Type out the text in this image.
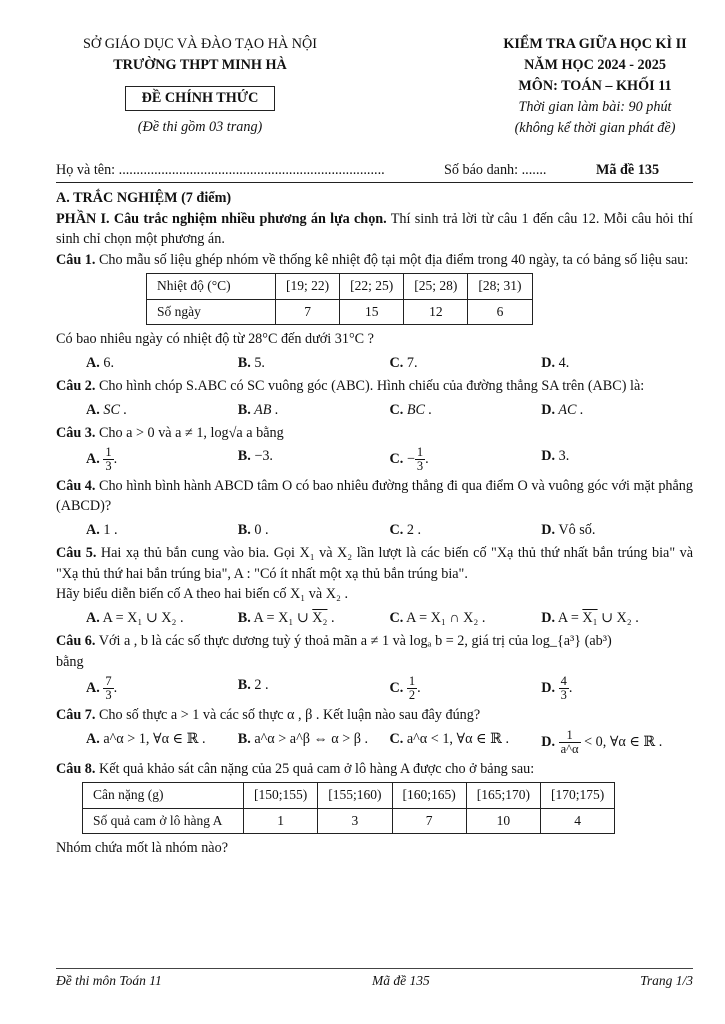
SỞ GIÁO DỤC VÀ ĐÀO TẠO HÀ NỘI
TRƯỜNG THPT MINH HÀ
ĐỀ CHÍNH THỨC
(Đề thi gồm 03 trang)
KIỂM TRA GIỮA HỌC KÌ II
NĂM HỌC 2024 - 2025
MÔN: TOÁN – KHỐI 11
Thời gian làm bài: 90 phút
(không kể thời gian phát đề)
Họ và tên: ...........................................................................	Số báo danh: .......	Mã đề 135

A. TRẮC NGHIỆM (7 điểm)

PHẦN I. Câu trắc nghiệm nhiều phương án lựa chọn. Thí sinh trả lời từ câu 1 đến câu 12. Mỗi câu hỏi thí sinh chỉ chọn một phương án.

Câu 1. Cho mẫu số liệu ghép nhóm về thống kê nhiệt độ tại một địa điểm trong 40 ngày, ta có bảng số liệu sau:

Nhiệt độ (°C)	[19; 22)	[22; 25)	[25; 28)	[28; 31)
Số ngày	7	15	12	6

Có bao nhiêu ngày có nhiệt độ từ 28°C đến dưới 31°C ?

A. 6.	B. 5.	C. 7.	D. 4.

Câu 2. Cho hình chóp S.ABC có SC vuông góc (ABC). Hình chiếu của đường thẳng SA trên (ABC) là:

A. SC .	B. AB .	C. BC .	D. AC .

Câu 3. Cho a > 0 và a ≠ 1, log√a a bằng

A. $\frac{1}{3}$ .	B. −3.	C. − $\frac{1}{3}$ .	D. 3.

Câu 4. Cho hình bình hành ABCD tâm O có bao nhiêu đường thẳng đi qua điểm O và vuông góc với mặt phẳng (ABCD)?

A. 1 .	B. 0 .	C. 2 .	D. Vô số.

Câu 5. Hai xạ thủ bắn cung vào bia. Gọi X₁ và X₂ lần lượt là các biến cố "Xạ thủ thứ nhất bắn trúng bia" và "Xạ thủ thứ hai bắn trúng bia", A : "Có ít nhất một xạ thủ bắn trúng bia".

Hãy biểu diễn biến cố A theo hai biến cố X₁ và X₂ .

A. A = X₁ ∪ X₂ .	B. A = X₁ ∪ X₂ .	C. A = X₁ ∩ X₂ .	D. A = X₁ ∪ X₂ .

Câu 6. Với a , b là các số thực dương tuỳ ý thoả mãn a ≠ 1 và logₐ b = 2, giá trị của log_{a³} (ab³)

bằng

A. $\frac{7}{3}$ .	B. 2 .	C. $\frac{1}{2}$ .	D. $\frac{4}{3}$ .

Câu 7. Cho số thực a > 1 và các số thực α , β . Kết luận nào sau đây đúng?

A. a^α > 1, ∀α ∈ ℝ .	B. a^α > a^β ⇔ α > β .	C. a^α < 1, ∀α ∈ ℝ .	D. $\frac{1}{a\^{}\alpha} < 0$, ∀α ∈ ℝ .

Câu 8. Kết quả khảo sát cân nặng của 25 quả cam ở lô hàng A được cho ở bảng sau:

Cân nặng (g)	[150;155)	[155;160)	[160;165)	[165;170)	[170;175)
Số quả cam ở lô hàng A	1	3	7	10	4

Nhóm chứa mốt là nhóm nào?

Đề thi môn Toán 11	Mã đề 135	Trang 1/3
